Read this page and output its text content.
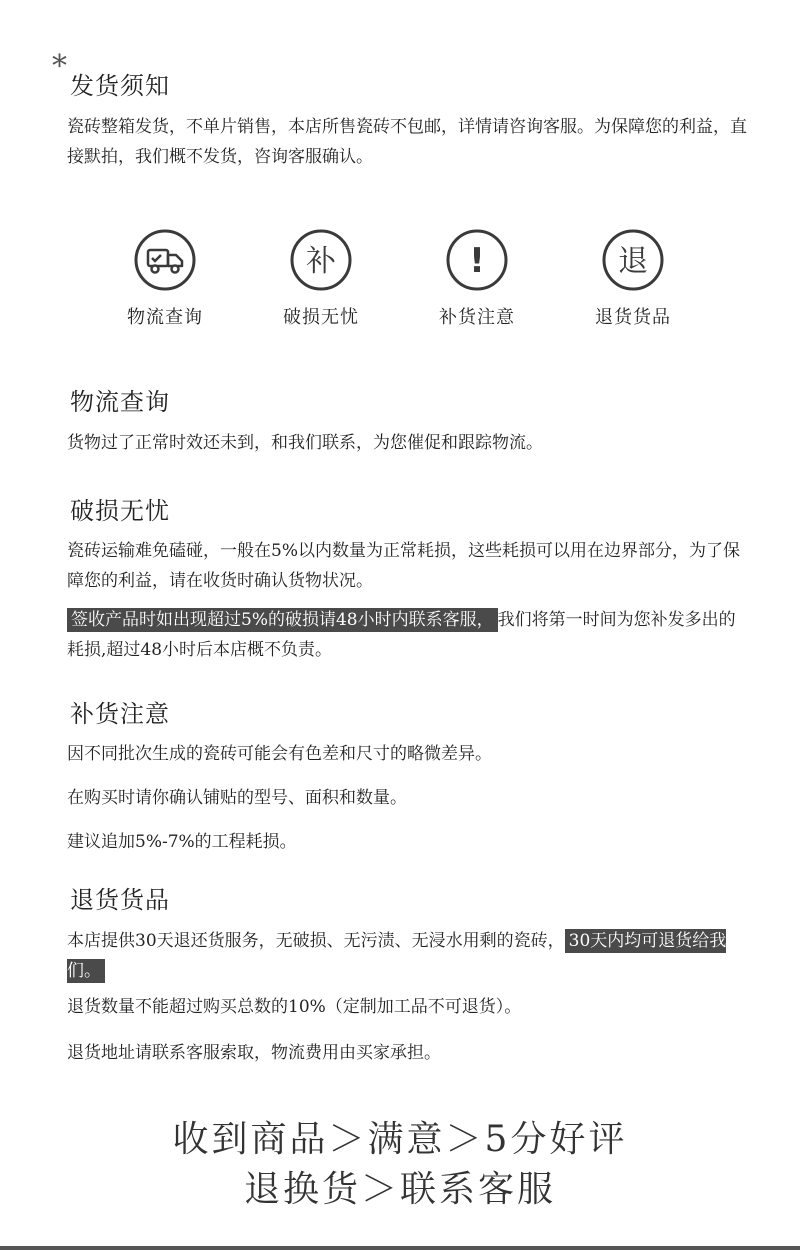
*
发货须知
瓷砖整箱发货，不单片销售，本店所售瓷砖不包邮，详情请咨询客服。为保障您的利益，直接默拍，我们概不发货，咨询客服确认。
物流查询
补
破损无忧
!
补货注意
退
退货货品
物流查询
货物过了正常时效还未到，和我们联系，为您催促和跟踪物流。
破损无忧
瓷砖运输难免磕碰，一般在5%以内数量为正常耗损，这些耗损可以用在边界部分，为了保障您的利益，请在收货时确认货物状况。
签收产品时如出现超过5%的破损请48小时内联系客服， 我们将第一时间为您补发多出的耗损,超过48小时后本店概不负责。
补货注意
因不同批次生成的瓷砖可能会有色差和尺寸的略微差异。
在购买时请你确认铺贴的型号、面积和数量。
建议追加5%-7%的工程耗损。
退货货品
本店提供30天退还货服务，无破损、无污渍、无浸水用剩的瓷砖， 30天内均可退货给我们。
退货数量不能超过购买总数的10%（定制加工品不可退货）。
退货地址请联系客服索取，物流费用由买家承担。
收到商品＞满意＞5分好评
退换货＞联系客服
